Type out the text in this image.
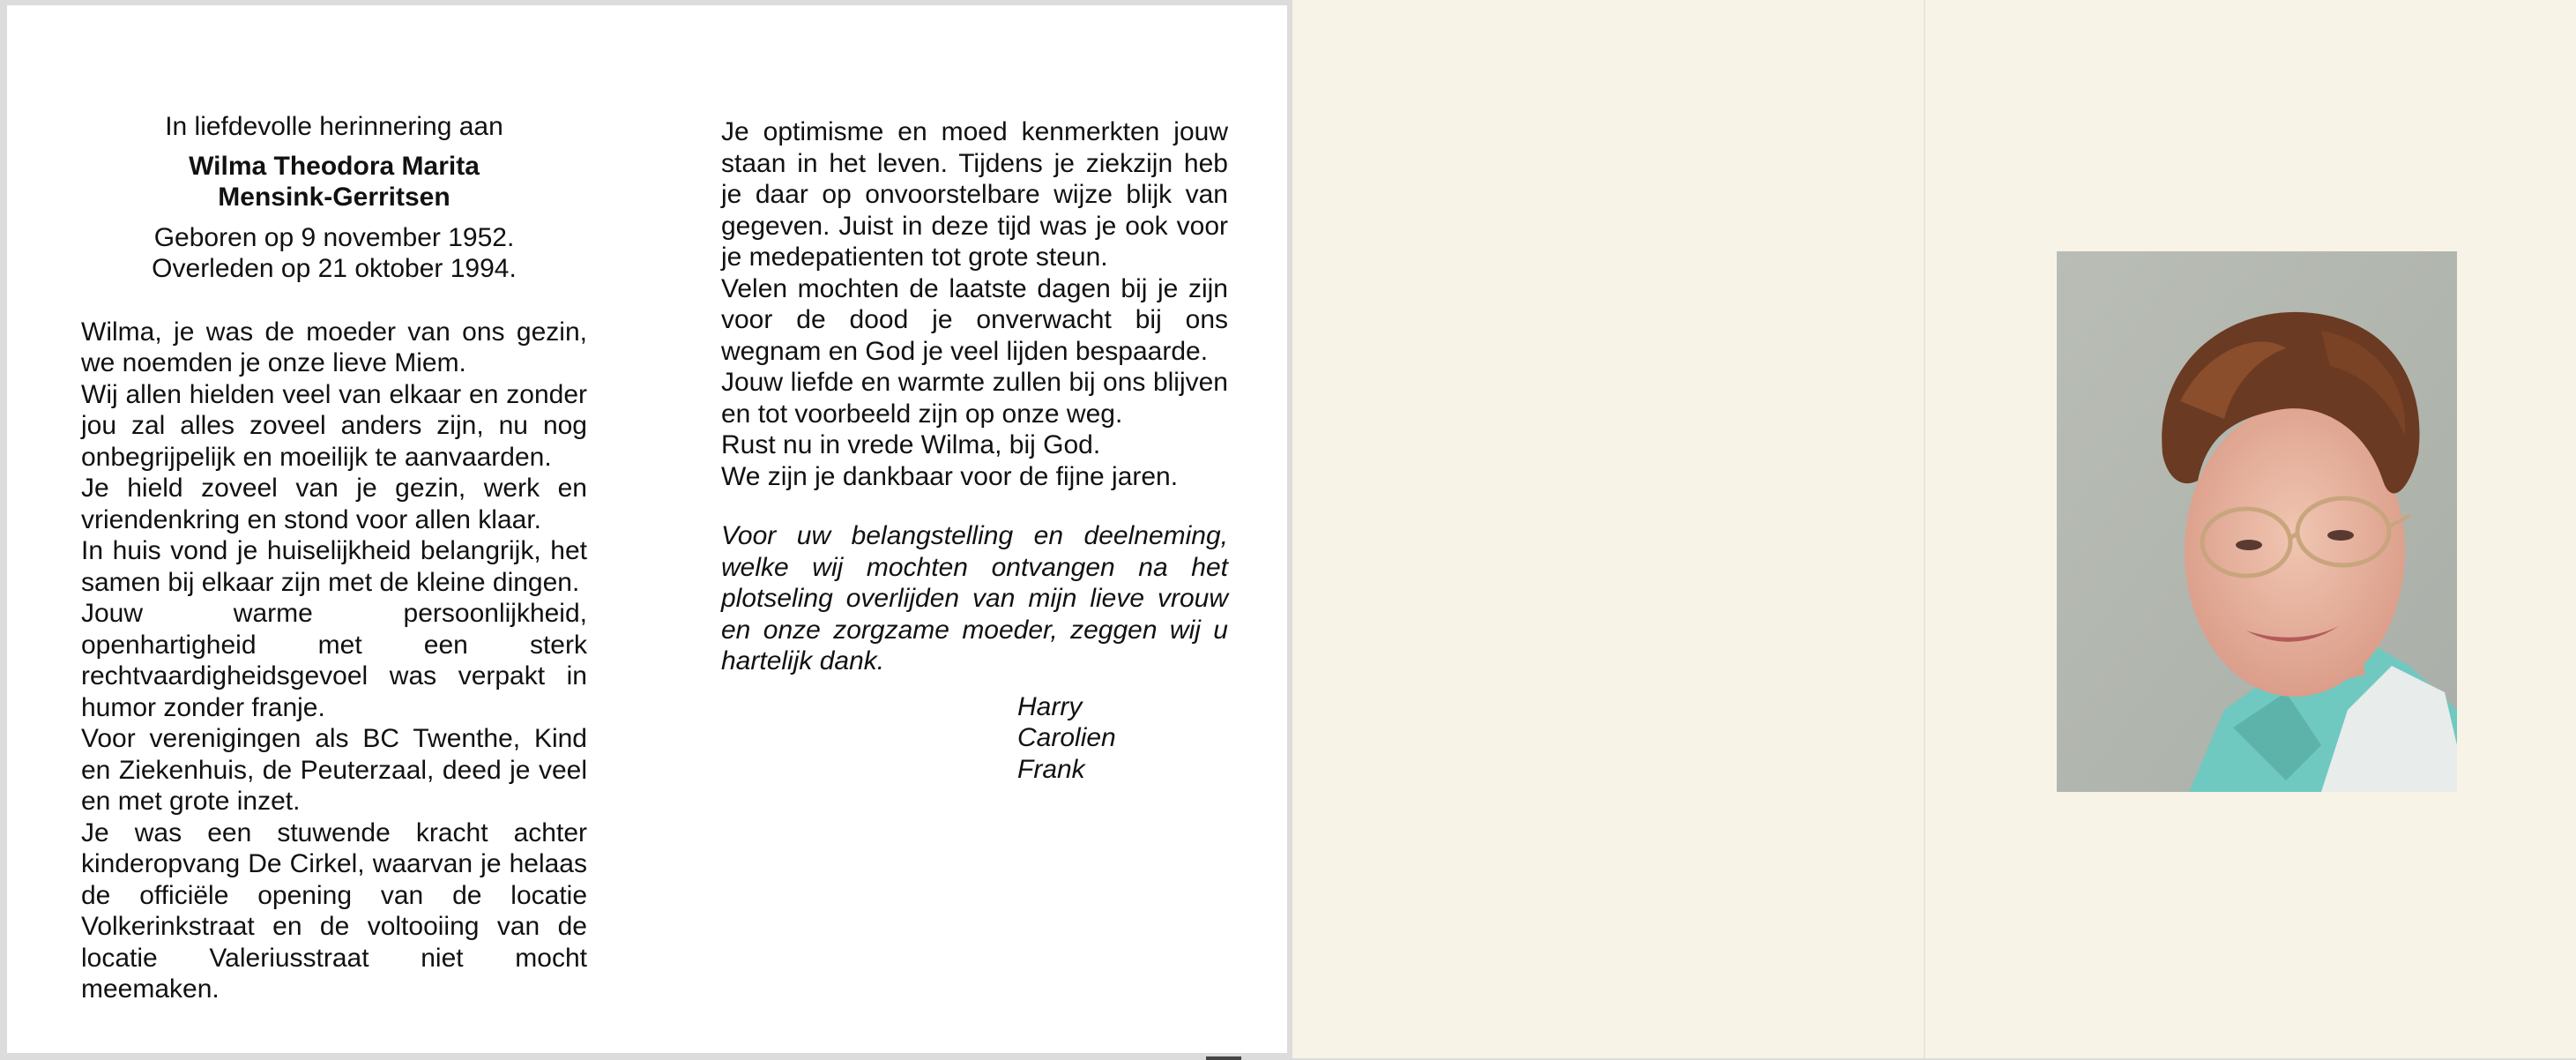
In liefdevolle herinnering aan
Wilma Theodora Marita
Mensink-Gerritsen
Geboren op 9 november 1952.
Overleden op 21 oktober 1994.

Wilma, je was de moeder van ons gezin, we noemden je onze lieve Miem.

Wij allen hielden veel van elkaar en zonder jou zal alles zoveel anders zijn, nu nog onbegrijpelijk en moeilijk te aanvaarden.

Je hield zoveel van je gezin, werk en vriendenkring en stond voor allen klaar.

In huis vond je huiselijkheid belangrijk, het samen bij elkaar zijn met de kleine dingen.

Jouw warme persoonlijkheid, openhartigheid met een sterk rechtvaardigheidsgevoel was verpakt in humor zonder franje.

Voor verenigingen als BC Twenthe, Kind en Ziekenhuis, de Peuterzaal, deed je veel en met grote inzet.

Je was een stuwende kracht achter kinderopvang De Cirkel, waarvan je helaas de officiële opening van de locatie Volkerinkstraat en de voltooiing van de locatie Valeriusstraat niet mocht meemaken.

Je optimisme en moed kenmerkten jouw staan in het leven. Tijdens je ziekzijn heb je daar op onvoorstelbare wijze blijk van gegeven. Juist in deze tijd was je ook voor je medepatienten tot grote steun.

Velen mochten de laatste dagen bij je zijn voor de dood je onverwacht bij ons wegnam en God je veel lijden bespaarde.

Jouw liefde en warmte zullen bij ons blijven en tot voorbeeld zijn op onze weg.

Rust nu in vrede Wilma, bij God.

We zijn je dankbaar voor de fijne jaren.

Voor uw belangstelling en deelneming, welke wij mochten ontvangen na het plotseling overlijden van mijn lieve vrouw en onze zorgzame moeder, zeggen wij u hartelijk dank.

Harry
Carolien
Frank
